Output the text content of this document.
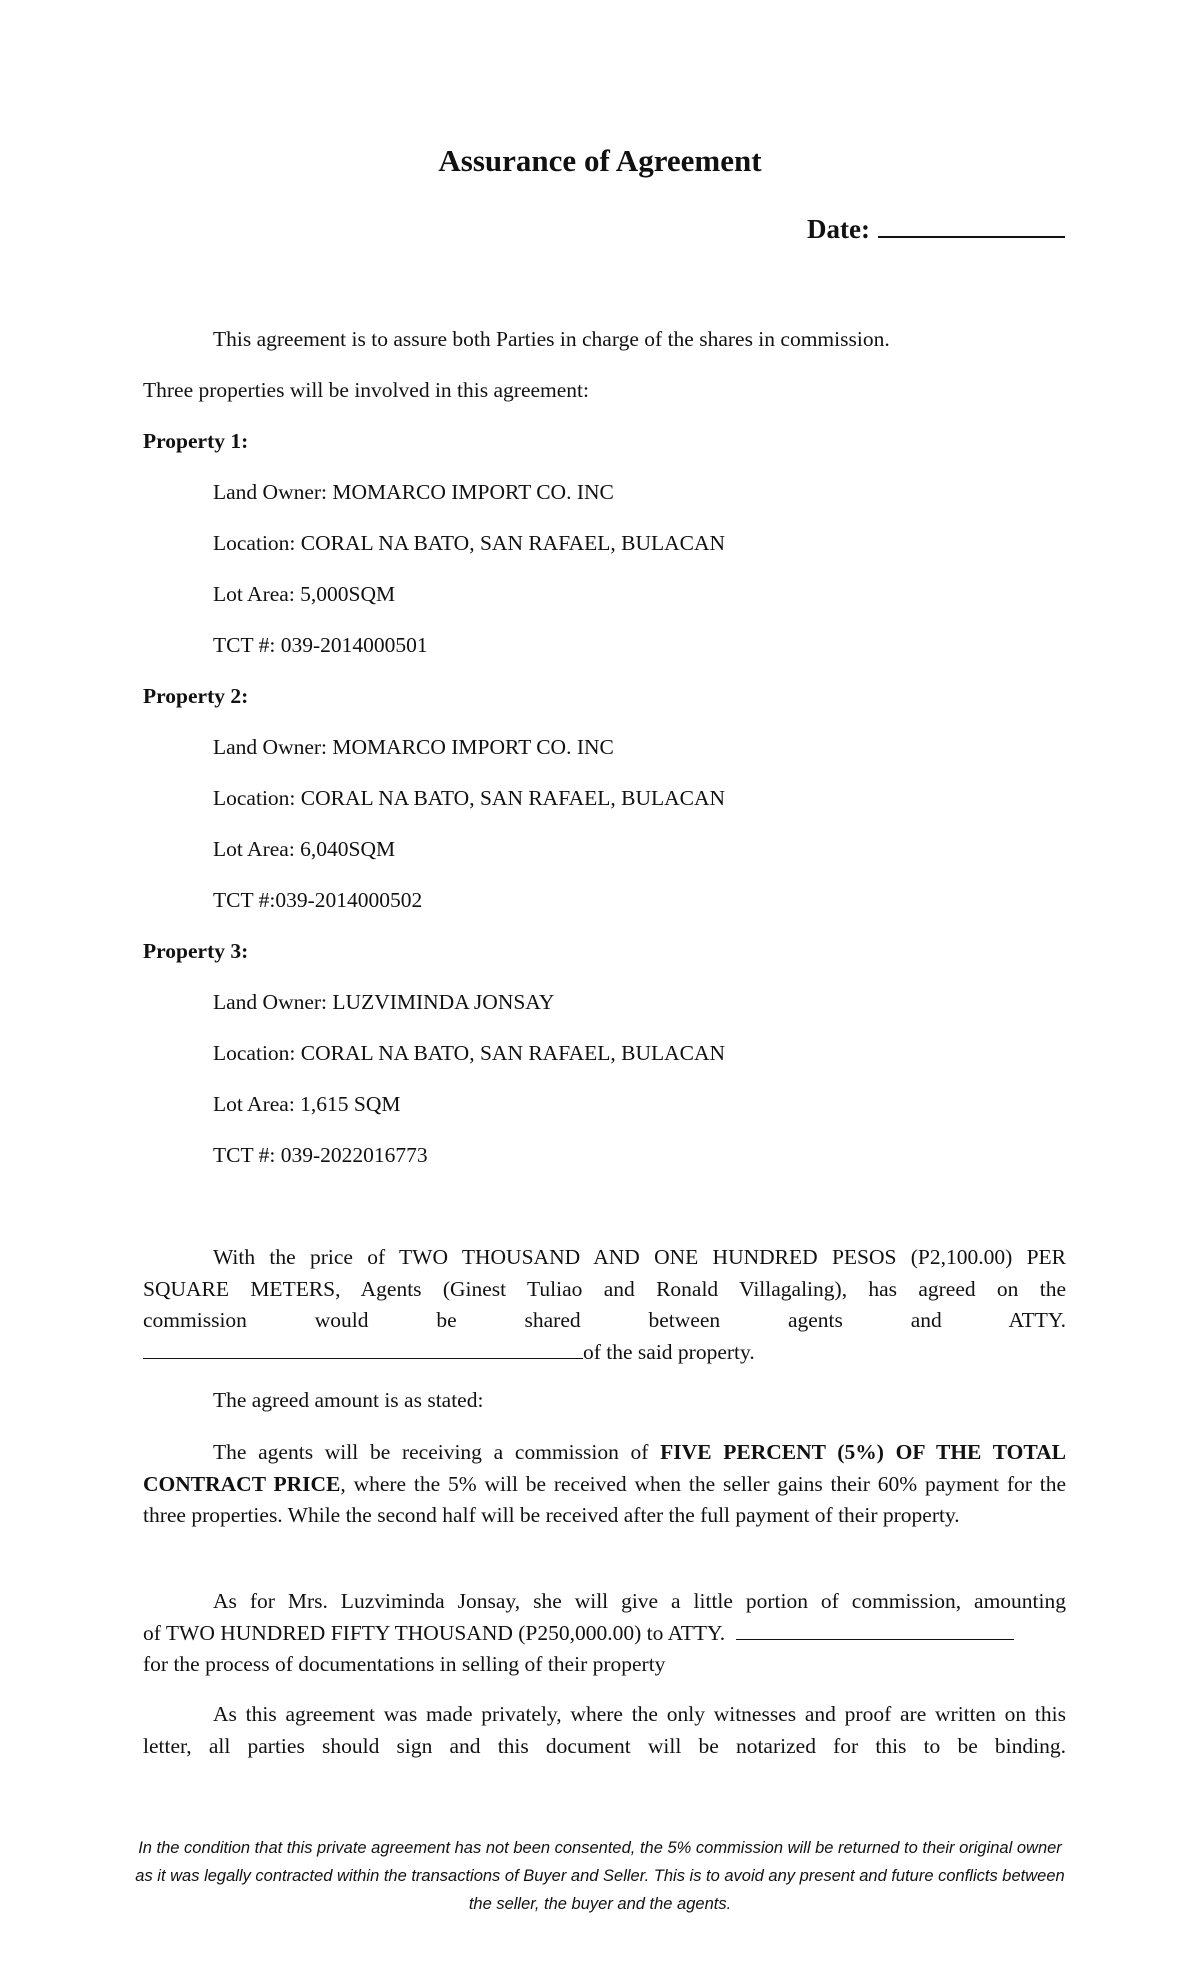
Assurance of Agreement
Date:
This agreement is to assure both Parties in charge of the shares in commission.
Three properties will be involved in this agreement:
Property 1:
Land Owner: MOMARCO IMPORT CO. INC
Location: CORAL NA BATO, SAN RAFAEL, BULACAN
Lot Area: 5,000SQM
TCT #: 039-2014000501
Property 2:
Land Owner: MOMARCO IMPORT CO. INC
Location: CORAL NA BATO, SAN RAFAEL, BULACAN
Lot Area: 6,040SQM
TCT #:039-2014000502
Property 3:
Land Owner: LUZVIMINDA JONSAY
Location: CORAL NA BATO, SAN RAFAEL, BULACAN
Lot Area: 1,615 SQM
TCT #: 039-2022016773

With the price of TWO THOUSAND AND ONE HUNDRED PESOS (P2,100.00) PER

SQUARE METERS, Agents (Ginest Tuliao and Ronald Villagaling), has agreed on the

commission would be shared between agents and ATTY.

of the said property.

The agreed amount is as stated:

The agents will be receiving a commission of FIVE PERCENT (5%) OF THE TOTAL CONTRACT PRICE, where the 5% will be received when the seller gains their 60% payment for the three properties. While the second half will be received after the full payment of their property.

As for Mrs. Luzviminda Jonsay, she will give a little portion of commission, amounting

of TWO HUNDRED FIFTY THOUSAND (P250,000.00) to ATTY.

for the process of documentations in selling of their property

As this agreement was made privately, where the only witnesses and proof are written on this letter, all parties should sign and this document will be notarized for this to be binding.

In the condition that this private agreement has not been consented, the 5% commission will be returned to their original owner as it was legally contracted within the transactions of Buyer and Seller. This is to avoid any present and future conflicts between the seller, the buyer and the agents.
